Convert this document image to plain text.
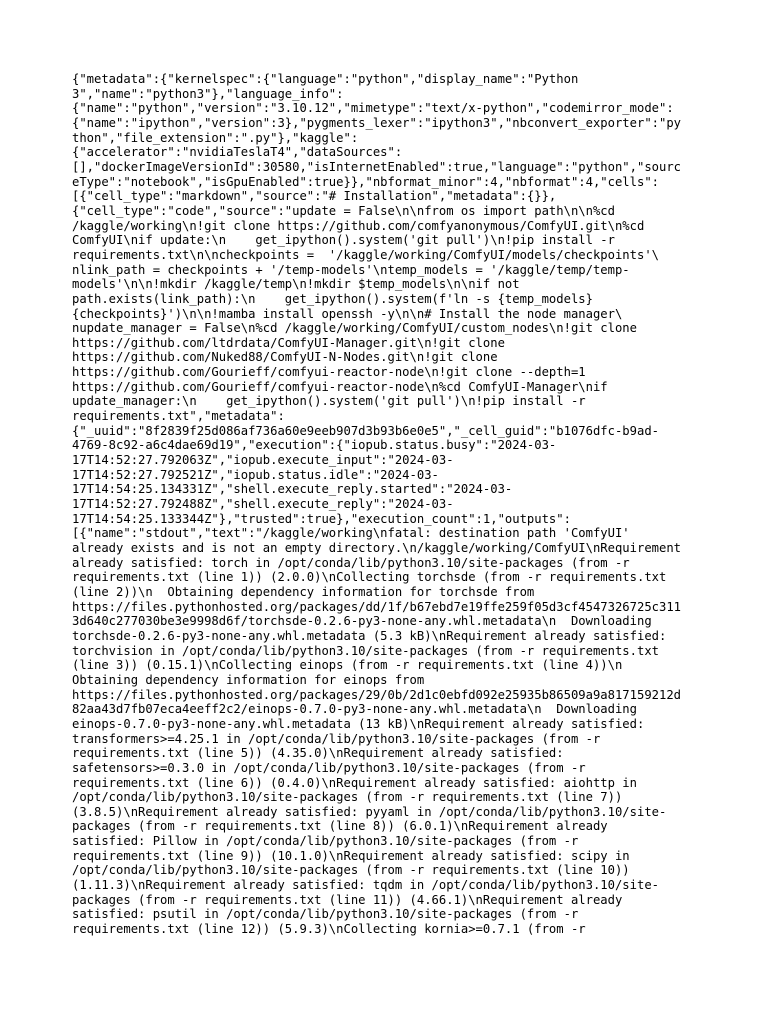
{"metadata":{"kernelspec":{"language":"python","display_name":"Python
3","name":"python3"},"language_info":
{"name":"python","version":"3.10.12","mimetype":"text/x-python","codemirror_mode":
{"name":"ipython","version":3},"pygments_lexer":"ipython3","nbconvert_exporter":"py
thon","file_extension":".py"},"kaggle":
{"accelerator":"nvidiaTeslaT4","dataSources":
[],"dockerImageVersionId":30580,"isInternetEnabled":true,"language":"python","sourc
eType":"notebook","isGpuEnabled":true}},"nbformat_minor":4,"nbformat":4,"cells":
[{"cell_type":"markdown","source":"# Installation","metadata":{}},
{"cell_type":"code","source":"update = False\n\nfrom os import path\n\n%cd
/kaggle/working\n!git clone https://github.com/comfyanonymous/ComfyUI.git\n%cd
ComfyUI\nif update:\n    get_ipython().system('git pull')\n!pip install -r
requirements.txt\n\ncheckpoints =  '/kaggle/working/ComfyUI/models/checkpoints'\
nlink_path = checkpoints + '/temp-models'\ntemp_models = '/kaggle/temp/temp-
models'\n\n!mkdir /kaggle/temp\n!mkdir $temp_models\n\nif not
path.exists(link_path):\n    get_ipython().system(f'ln -s {temp_models}
{checkpoints}')\n\n!mamba install openssh -y\n\n# Install the node manager\
nupdate_manager = False\n%cd /kaggle/working/ComfyUI/custom_nodes\n!git clone
https://github.com/ltdrdata/ComfyUI-Manager.git\n!git clone
https://github.com/Nuked88/ComfyUI-N-Nodes.git\n!git clone
https://github.com/Gourieff/comfyui-reactor-node\n!git clone --depth=1
https://github.com/Gourieff/comfyui-reactor-node\n%cd ComfyUI-Manager\nif
update_manager:\n    get_ipython().system('git pull')\n!pip install -r
requirements.txt","metadata":
{"_uuid":"8f2839f25d086af736a60e9eeb907d3b93b6e0e5","_cell_guid":"b1076dfc-b9ad-
4769-8c92-a6c4dae69d19","execution":{"iopub.status.busy":"2024-03-
17T14:52:27.792063Z","iopub.execute_input":"2024-03-
17T14:52:27.792521Z","iopub.status.idle":"2024-03-
17T14:54:25.134331Z","shell.execute_reply.started":"2024-03-
17T14:52:27.792488Z","shell.execute_reply":"2024-03-
17T14:54:25.133344Z"},"trusted":true},"execution_count":1,"outputs":
[{"name":"stdout","text":"/kaggle/working\nfatal: destination path 'ComfyUI'
already exists and is not an empty directory.\n/kaggle/working/ComfyUI\nRequirement
already satisfied: torch in /opt/conda/lib/python3.10/site-packages (from -r
requirements.txt (line 1)) (2.0.0)\nCollecting torchsde (from -r requirements.txt
(line 2))\n  Obtaining dependency information for torchsde from
https://files.pythonhosted.org/packages/dd/1f/b67ebd7e19ffe259f05d3cf4547326725c311
3d640c277030be3e9998d6f/torchsde-0.2.6-py3-none-any.whl.metadata\n  Downloading
torchsde-0.2.6-py3-none-any.whl.metadata (5.3 kB)\nRequirement already satisfied:
torchvision in /opt/conda/lib/python3.10/site-packages (from -r requirements.txt
(line 3)) (0.15.1)\nCollecting einops (from -r requirements.txt (line 4))\n
Obtaining dependency information for einops from
https://files.pythonhosted.org/packages/29/0b/2d1c0ebfd092e25935b86509a9a817159212d
82aa43d7fb07eca4eeff2c2/einops-0.7.0-py3-none-any.whl.metadata\n  Downloading
einops-0.7.0-py3-none-any.whl.metadata (13 kB)\nRequirement already satisfied:
transformers>=4.25.1 in /opt/conda/lib/python3.10/site-packages (from -r
requirements.txt (line 5)) (4.35.0)\nRequirement already satisfied:
safetensors>=0.3.0 in /opt/conda/lib/python3.10/site-packages (from -r
requirements.txt (line 6)) (0.4.0)\nRequirement already satisfied: aiohttp in
/opt/conda/lib/python3.10/site-packages (from -r requirements.txt (line 7))
(3.8.5)\nRequirement already satisfied: pyyaml in /opt/conda/lib/python3.10/site-
packages (from -r requirements.txt (line 8)) (6.0.1)\nRequirement already
satisfied: Pillow in /opt/conda/lib/python3.10/site-packages (from -r
requirements.txt (line 9)) (10.1.0)\nRequirement already satisfied: scipy in
/opt/conda/lib/python3.10/site-packages (from -r requirements.txt (line 10))
(1.11.3)\nRequirement already satisfied: tqdm in /opt/conda/lib/python3.10/site-
packages (from -r requirements.txt (line 11)) (4.66.1)\nRequirement already
satisfied: psutil in /opt/conda/lib/python3.10/site-packages (from -r
requirements.txt (line 12)) (5.9.3)\nCollecting kornia>=0.7.1 (from -r
